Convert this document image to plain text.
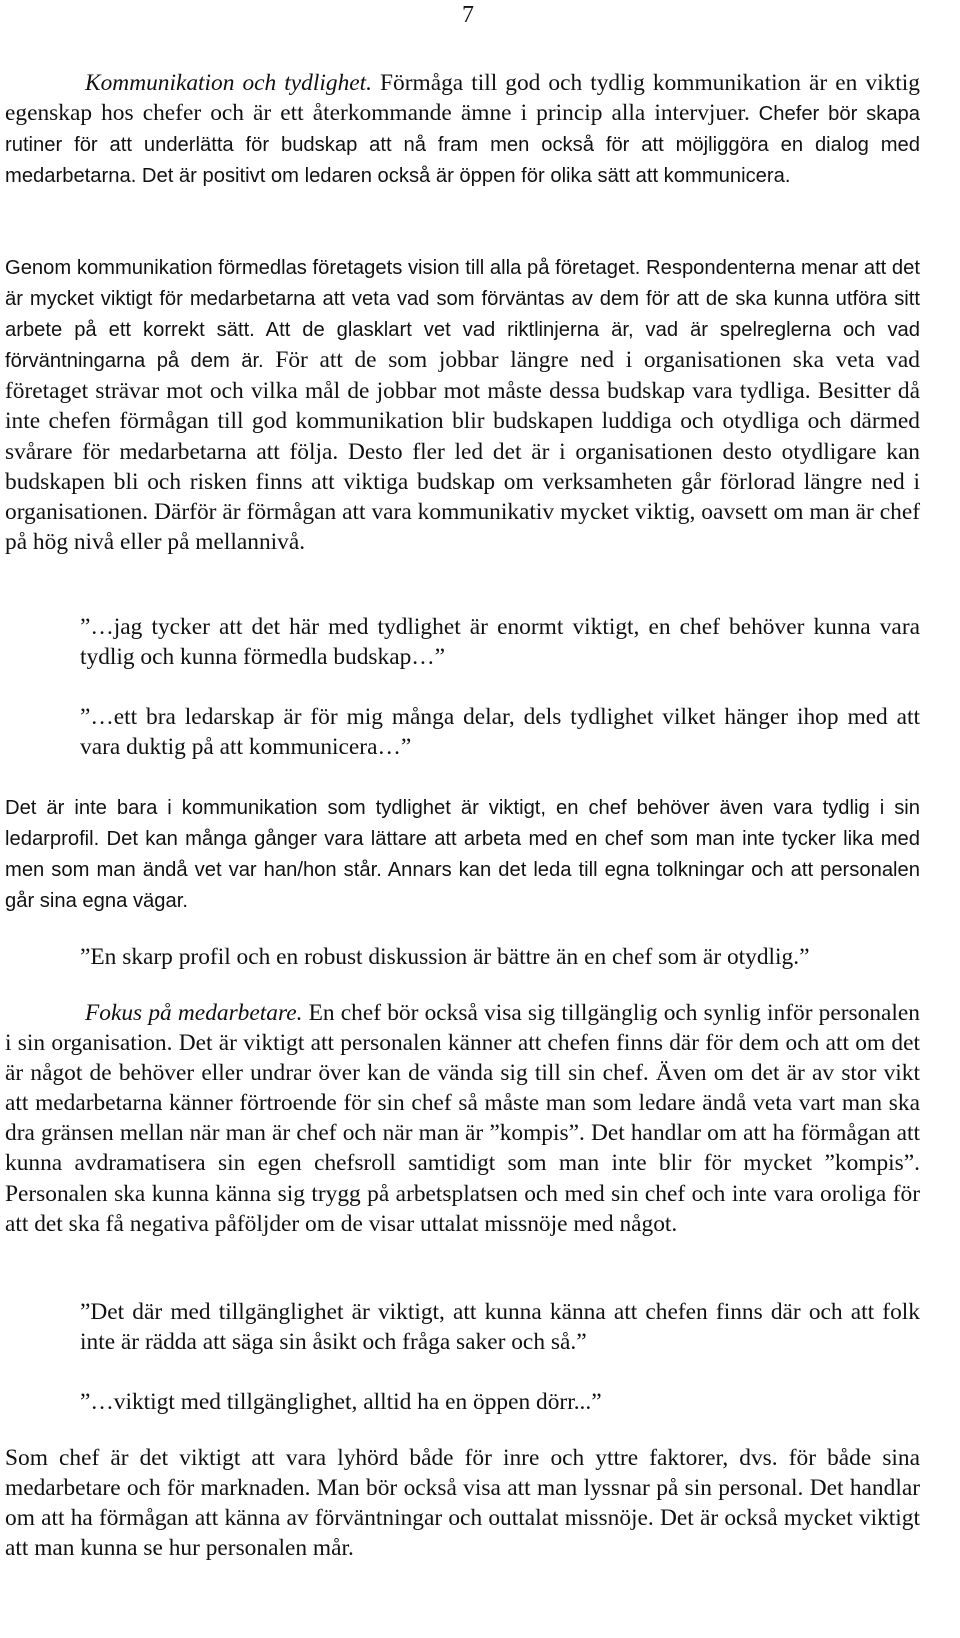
7

Kommunikation och tydlighet. Förmåga till god och tydlig kommunikation är en viktig egenskap hos chefer och är ett återkommande ämne i princip alla intervjuer. Chefer bör skapa rutiner för att underlätta för budskap att nå fram men också för att möjliggöra en dialog med medarbetarna. Det är positivt om ledaren också är öppen för olika sätt att kommunicera.

Genom kommunikation förmedlas företagets vision till alla på företaget. Respondenterna menar att det är mycket viktigt för medarbetarna att veta vad som förväntas av dem för att de ska kunna utföra sitt arbete på ett korrekt sätt. Att de glasklart vet vad riktlinjerna är, vad är spelreglerna och vad förväntningarna på dem är. För att de som jobbar längre ned i organisationen ska veta vad företaget strävar mot och vilka mål de jobbar mot måste dessa budskap vara tydliga. Besitter då inte chefen förmågan till god kommunikation blir budskapen luddiga och otydliga och därmed svårare för medarbetarna att följa. Desto fler led det är i organisationen desto otydligare kan budskapen bli och risken finns att viktiga budskap om verksamheten går förlorad längre ned i organisationen. Därför är förmågan att vara kommunikativ mycket viktig, oavsett om man är chef på hög nivå eller på mellannivå.

”…jag tycker att det här med tydlighet är enormt viktigt, en chef behöver kunna vara tydlig och kunna förmedla budskap…”

”…ett bra ledarskap är för mig många delar, dels tydlighet vilket hänger ihop med att vara duktig på att kommunicera…”

Det är inte bara i kommunikation som tydlighet är viktigt, en chef behöver även vara tydlig i sin ledarprofil. Det kan många gånger vara lättare att arbeta med en chef som man inte tycker lika med men som man ändå vet var han/hon står. Annars kan det leda till egna tolkningar och att personalen går sina egna vägar.

”En skarp profil och en robust diskussion är bättre än en chef som är otydlig.”

Fokus på medarbetare. En chef bör också visa sig tillgänglig och synlig inför personalen i sin organisation. Det är viktigt att personalen känner att chefen finns där för dem och att om det är något de behöver eller undrar över kan de vända sig till sin chef. Även om det är av stor vikt att medarbetarna känner förtroende för sin chef så måste man som ledare ändå veta vart man ska dra gränsen mellan när man är chef och när man är ”kompis”. Det handlar om att ha förmågan att kunna avdramatisera sin egen chefsroll samtidigt som man inte blir för mycket ”kompis”. Personalen ska kunna känna sig trygg på arbetsplatsen och med sin chef och inte vara oroliga för att det ska få negativa påföljder om de visar uttalat missnöje med något.

”Det där med tillgänglighet är viktigt, att kunna känna att chefen finns där och att folk inte är rädda att säga sin åsikt och fråga saker och så.”

”…viktigt med tillgänglighet, alltid ha en öppen dörr...”

Som chef är det viktigt att vara lyhörd både för inre och yttre faktorer, dvs. för både sina medarbetare och för marknaden. Man bör också visa att man lyssnar på sin personal. Det handlar om att ha förmågan att känna av förväntningar och outtalat missnöje. Det är också mycket viktigt att man kunna se hur personalen mår.
